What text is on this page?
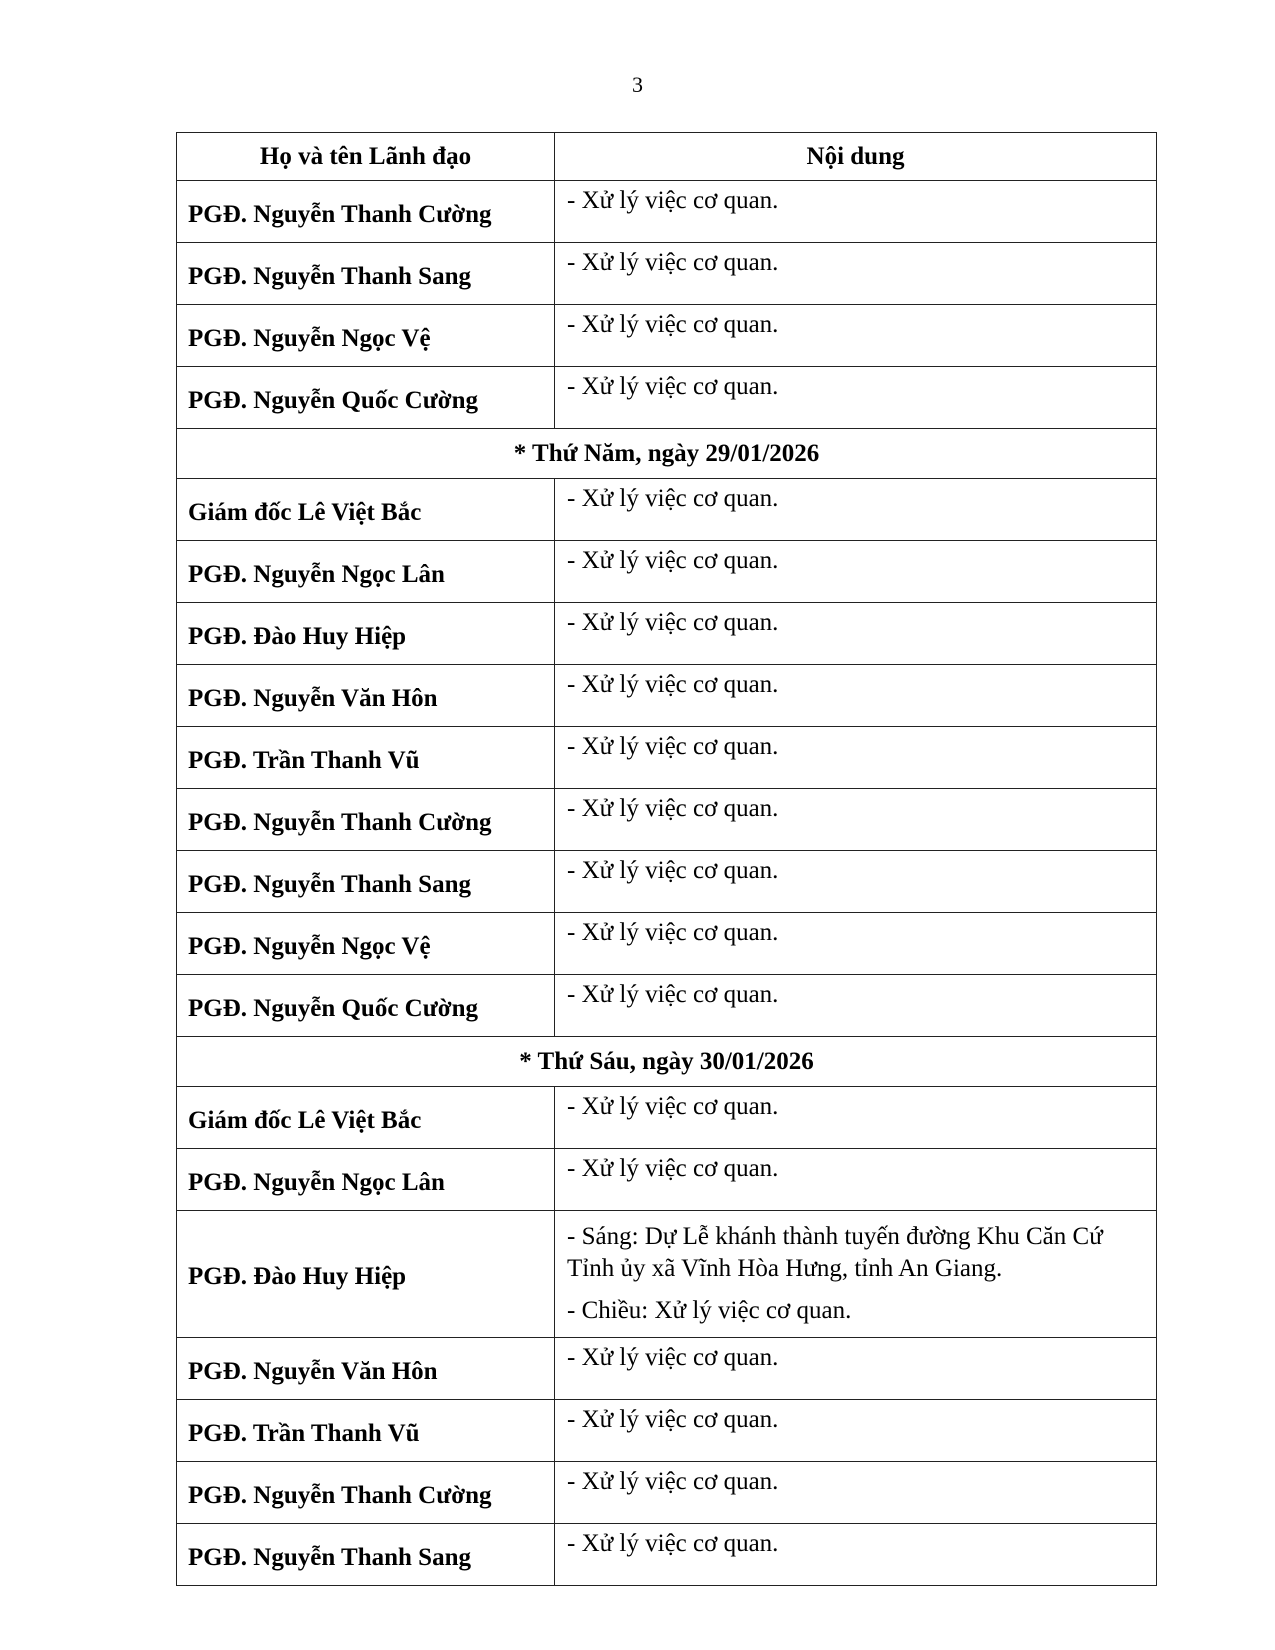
3
Họ và tên Lãnh đạo	Nội dung
PGĐ. Nguyễn Thanh Cường	- Xử lý việc cơ quan.

PGĐ. Nguyễn Thanh Sang	- Xử lý việc cơ quan.

PGĐ. Nguyễn Ngọc Vệ	- Xử lý việc cơ quan.

PGĐ. Nguyễn Quốc Cường	- Xử lý việc cơ quan.

* Thứ Năm, ngày 29/01/2026	
Giám đốc Lê Việt Bắc	- Xử lý việc cơ quan.

PGĐ. Nguyễn Ngọc Lân	- Xử lý việc cơ quan.

PGĐ. Đào Huy Hiệp	- Xử lý việc cơ quan.

PGĐ. Nguyễn Văn Hôn	- Xử lý việc cơ quan.

PGĐ. Trần Thanh Vũ	- Xử lý việc cơ quan.

PGĐ. Nguyễn Thanh Cường	- Xử lý việc cơ quan.

PGĐ. Nguyễn Thanh Sang	- Xử lý việc cơ quan.

PGĐ. Nguyễn Ngọc Vệ	- Xử lý việc cơ quan.

PGĐ. Nguyễn Quốc Cường	- Xử lý việc cơ quan.

* Thứ Sáu, ngày 30/01/2026	
Giám đốc Lê Việt Bắc	- Xử lý việc cơ quan.

PGĐ. Nguyễn Ngọc Lân	- Xử lý việc cơ quan.

PGĐ. Đào Huy Hiệp	- Sáng: Dự Lễ khánh thành tuyến đường Khu Căn Cứ Tỉnh ủy xã Vĩnh Hòa Hưng, tỉnh An Giang.
- Chiều: Xử lý việc cơ quan.

PGĐ. Nguyễn Văn Hôn	- Xử lý việc cơ quan.

PGĐ. Trần Thanh Vũ	- Xử lý việc cơ quan.

PGĐ. Nguyễn Thanh Cường	- Xử lý việc cơ quan.

PGĐ. Nguyễn Thanh Sang	- Xử lý việc cơ quan.
